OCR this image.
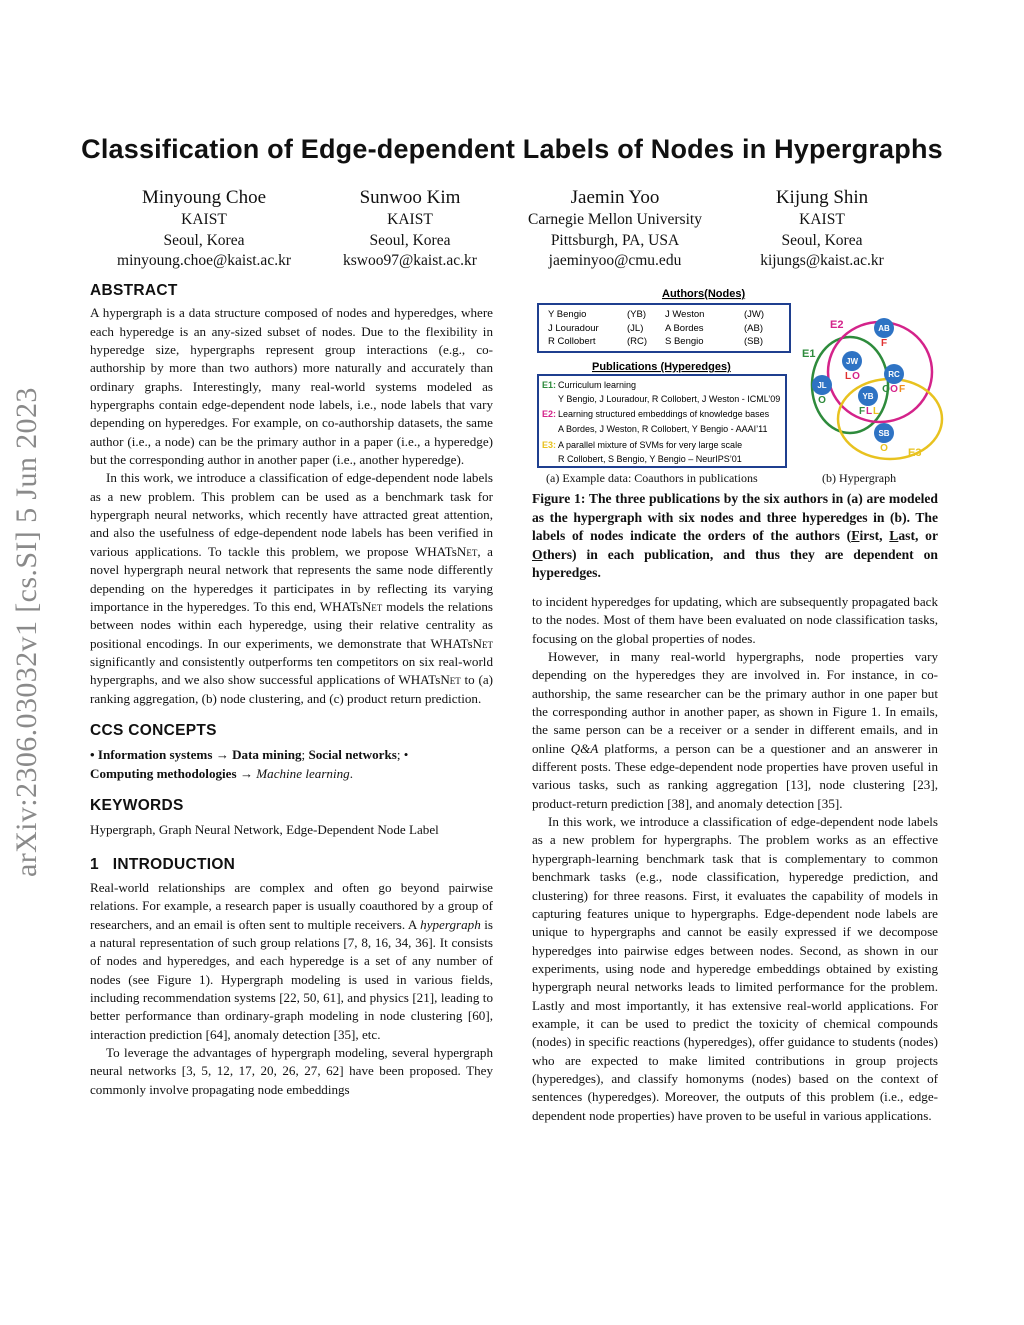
arXiv:2306.03032v1 [cs.SI] 5 Jun 2023
Classification of Edge-dependent Labels of Nodes in Hypergraphs
Minyoung Choe
KAIST
Seoul, Korea
minyoung.choe@kaist.ac.kr
Sunwoo Kim
KAIST
Seoul, Korea
kswoo97@kaist.ac.kr
Jaemin Yoo
Carnegie Mellon University
Pittsburgh, PA, USA
jaeminyoo@cmu.edu
Kijung Shin
KAIST
Seoul, Korea
kijungs@kaist.ac.kr
ABSTRACT

A hypergraph is a data structure composed of nodes and hyperedges, where each hyperedge is an any-sized subset of nodes. Due to the flexibility in hyperedge size, hypergraphs represent group interactions (e.g., co-authorship by more than two authors) more naturally and accurately than ordinary graphs. Interestingly, many real-world systems modeled as hypergraphs contain edge-dependent node labels, i.e., node labels that vary depending on hyperedges. For example, on co-authorship datasets, the same author (i.e., a node) can be the primary author in a paper (i.e., a hyperedge) but the corresponding author in another paper (i.e., another hyperedge).

In this work, we introduce a classification of edge-dependent node labels as a new problem. This problem can be used as a benchmark task for hypergraph neural networks, which recently have attracted great attention, and also the usefulness of edge-dependent node labels has been verified in various applications. To tackle this problem, we propose WHATsNet, a novel hypergraph neural network that represents the same node differently depending on the hyperedges it participates in by reflecting its varying importance in the hyperedges. To this end, WHATsNet models the relations between nodes within each hyperedge, using their relative centrality as positional encodings. In our experiments, we demonstrate that WHATsNet significantly and consistently outperforms ten competitors on six real-world hypergraphs, and we also show successful applications of WHATsNet to (a) ranking aggregation, (b) node clustering, and (c) product return prediction.

CCS CONCEPTS

• Information systems → Data mining; Social networks; •
Computing methodologies → Machine learning.

KEYWORDS

Hypergraph, Graph Neural Network, Edge-Dependent Node Label

1   INTRODUCTION

Real-world relationships are complex and often go beyond pairwise relations. For example, a research paper is usually coauthored by a group of researchers, and an email is often sent to multiple receivers. A hypergraph is a natural representation of such group relations [7, 8, 16, 34, 36]. It consists of nodes and hyperedges, and each hyperedge is a set of any number of nodes (see Figure 1). Hypergraph modeling is used in various fields, including recommendation systems [22, 50, 61], and physics [21], leading to better performance than ordinary-graph modeling in node clustering [60], interaction prediction [64], anomaly detection [35], etc.

To leverage the advantages of hypergraph modeling, several hypergraph neural networks [3, 5, 12, 17, 20, 26, 27, 62] have been proposed. They commonly involve propagating node embeddings

Authors(Nodes)
Y Bengio	(YB) J Weston	(JW)
J Louradour	(JL) A Bordes	(AB)
R Collobert	(RC) S Bengio	(SB)
Publications (Hyperedges)
E1: Curriculum learning
Y Bengio, J Louradour, R Collobert, J Weston - ICML’09
E2: Learning structured embeddings of knowledge bases
A Bordes, J Weston, R Collobert, Y Bengio - AAAI’11
E3: A parallel mixture of SVMs for very large scale
R Collobert, S Bengio, Y Bengio – NeurIPS’01
E1
E2
E3
AB
F
JW
L O	RC
O O F
JL
O	YB
F L L
SB
O
(a) Example data: Coauthors in publications	(b) Hypergraph
Figure 1: The three publications by the six authors in (a) are modeled as the hypergraph with six nodes and three hyperedges in (b). The labels of nodes indicate the orders of the authors (First, Last, or Others) in each publication, and thus they are dependent on hyperedges.

to incident hyperedges for updating, which are subsequently propagated back to the nodes. Most of them have been evaluated on node classification tasks, focusing on the global properties of nodes.

However, in many real-world hypergraphs, node properties vary depending on the hyperedges they are involved in. For instance, in co-authorship, the same researcher can be the primary author in one paper but the corresponding author in another paper, as shown in Figure 1. In emails, the same person can be a receiver or a sender in different emails, and in online Q&A platforms, a person can be a questioner and an answerer in different posts. These edge-dependent node properties have proven useful in various tasks, such as ranking aggregation [13], node clustering [23], product-return prediction [38], and anomaly detection [35].

In this work, we introduce a classification of edge-dependent node labels as a new problem for hypergraphs. The problem works as an effective hypergraph-learning benchmark task that is complementary to common benchmark tasks (e.g., node classification, hyperedge prediction, and clustering) for three reasons. First, it evaluates the capability of models in capturing features unique to hypergraphs. Edge-dependent node labels are unique to hypergraphs and cannot be easily expressed if we decompose hyperedges into pairwise edges between nodes. Second, as shown in our experiments, using node and hyperedge embeddings obtained by existing hypergraph neural networks leads to limited performance for the problem. Lastly and most importantly, it has extensive real-world applications. For example, it can be used to predict the toxicity of chemical compounds (nodes) in specific reactions (hyperedges), offer guidance to students (nodes) who are expected to make limited contributions in group projects (hyperedges), and classify homonyms (nodes) based on the context of sentences (hyperedges). Moreover, the outputs of this problem (i.e., edge-dependent node properties) have proven to be useful in various applications.
